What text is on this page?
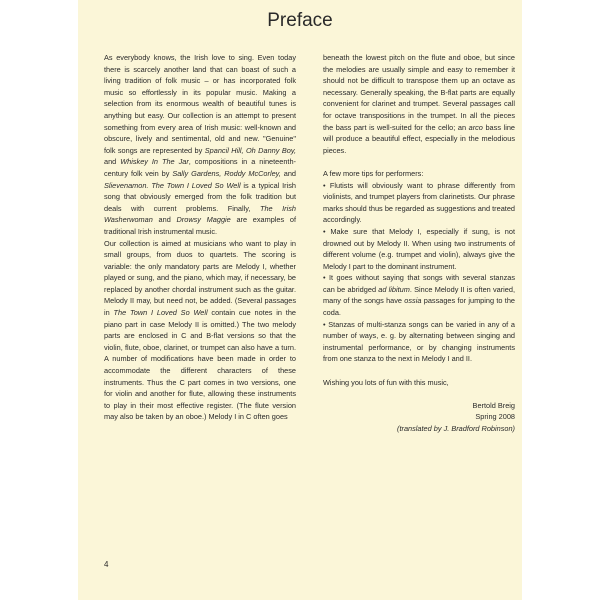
Preface

As everybody knows, the Irish love to sing. Even today there is scarcely another land that can boast of such a living tradition of folk music – or has incorporated folk music so effortlessly in its popular music. Making a selection from its enormous wealth of beautiful tunes is anything but easy. Our collection is an attempt to present something from every area of Irish music: well-known and obscure, lively and sentimental, old and new. "Genuine" folk songs are represented by Spancil Hill, Oh Danny Boy, and Whiskey In The Jar, compositions in a nineteenth-century folk vein by Sally Gardens, Roddy McCorley, and Slievenamon. The Town I Loved So Well is a typical Irish song that obviously emerged from the folk tradition but deals with current problems. Finally, The Irish Washerwoman and Drowsy Maggie are examples of traditional Irish instrumental music.

Our collection is aimed at musicians who want to play in small groups, from duos to quartets. The scoring is variable: the only mandatory parts are Melody I, whether played or sung, and the piano, which may, if necessary, be replaced by another chordal instrument such as the guitar. Melody II may, but need not, be added. (Several passages in The Town I Loved So Well contain cue notes in the piano part in case Melody II is omitted.) The two melody parts are enclosed in C and B-flat versions so that the violin, flute, oboe, clarinet, or trumpet can also have a turn. A number of modifications have been made in order to accommodate the different characters of these instruments. Thus the C part comes in two versions, one for violin and another for flute, allowing these instruments to play in their most effective register. (The flute version may also be taken by an oboe.) Melody I in C often goes

beneath the lowest pitch on the flute and oboe, but since the melodies are usually simple and easy to remember it should not be difficult to transpose them up an octave as necessary. Generally speaking, the B-flat parts are equally convenient for clarinet and trumpet. Several passages call for octave transpositions in the trumpet. In all the pieces the bass part is well-suited for the cello; an arco bass line will produce a beautiful effect, especially in the melodious pieces.

A few more tips for performers:

• Flutists will obviously want to phrase differently from violinists, and trumpet players from clarinetists. Our phrase marks should thus be regarded as suggestions and treated accordingly.

• Make sure that Melody I, especially if sung, is not drowned out by Melody II. When using two instruments of different volume (e.g. trumpet and violin), always give the Melody I part to the dominant instrument.

• It goes without saying that songs with several stanzas can be abridged ad libitum. Since Melody II is often varied, many of the songs have ossia passages for jumping to the coda.

• Stanzas of multi-stanza songs can be varied in any of a number of ways, e. g. by alternating between singing and instrumental performance, or by changing instruments from one stanza to the next in Melody I and II.

Wishing you lots of fun with this music,

Bertold Breig
Spring 2008
(translated by J. Bradford Robinson)
4
